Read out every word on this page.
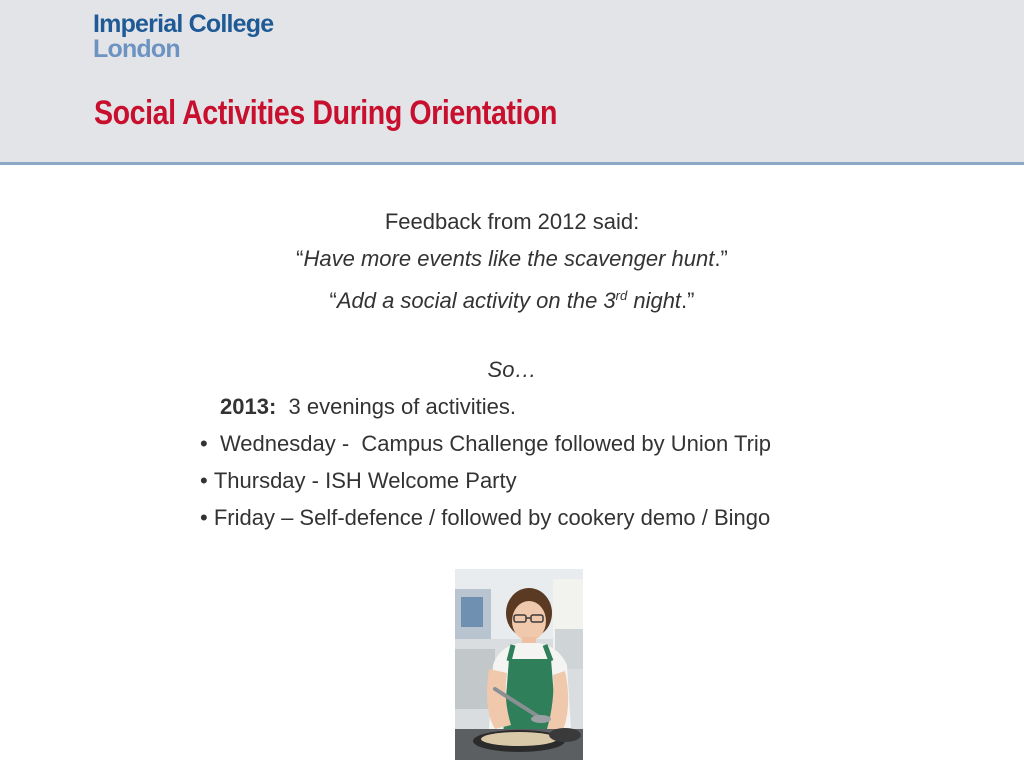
Imperial College
London
Social Activities During Orientation
Feedback from 2012 said:
“Have more events like the scavenger hunt.”
“Add a social activity on the 3rd night.”
So…
2013: 3 evenings of activities.
• Wednesday -  Campus Challenge followed by Union Trip
• Thursday - ISH Welcome Party
• Friday – Self-defence / followed by cookery demo / Bingo
